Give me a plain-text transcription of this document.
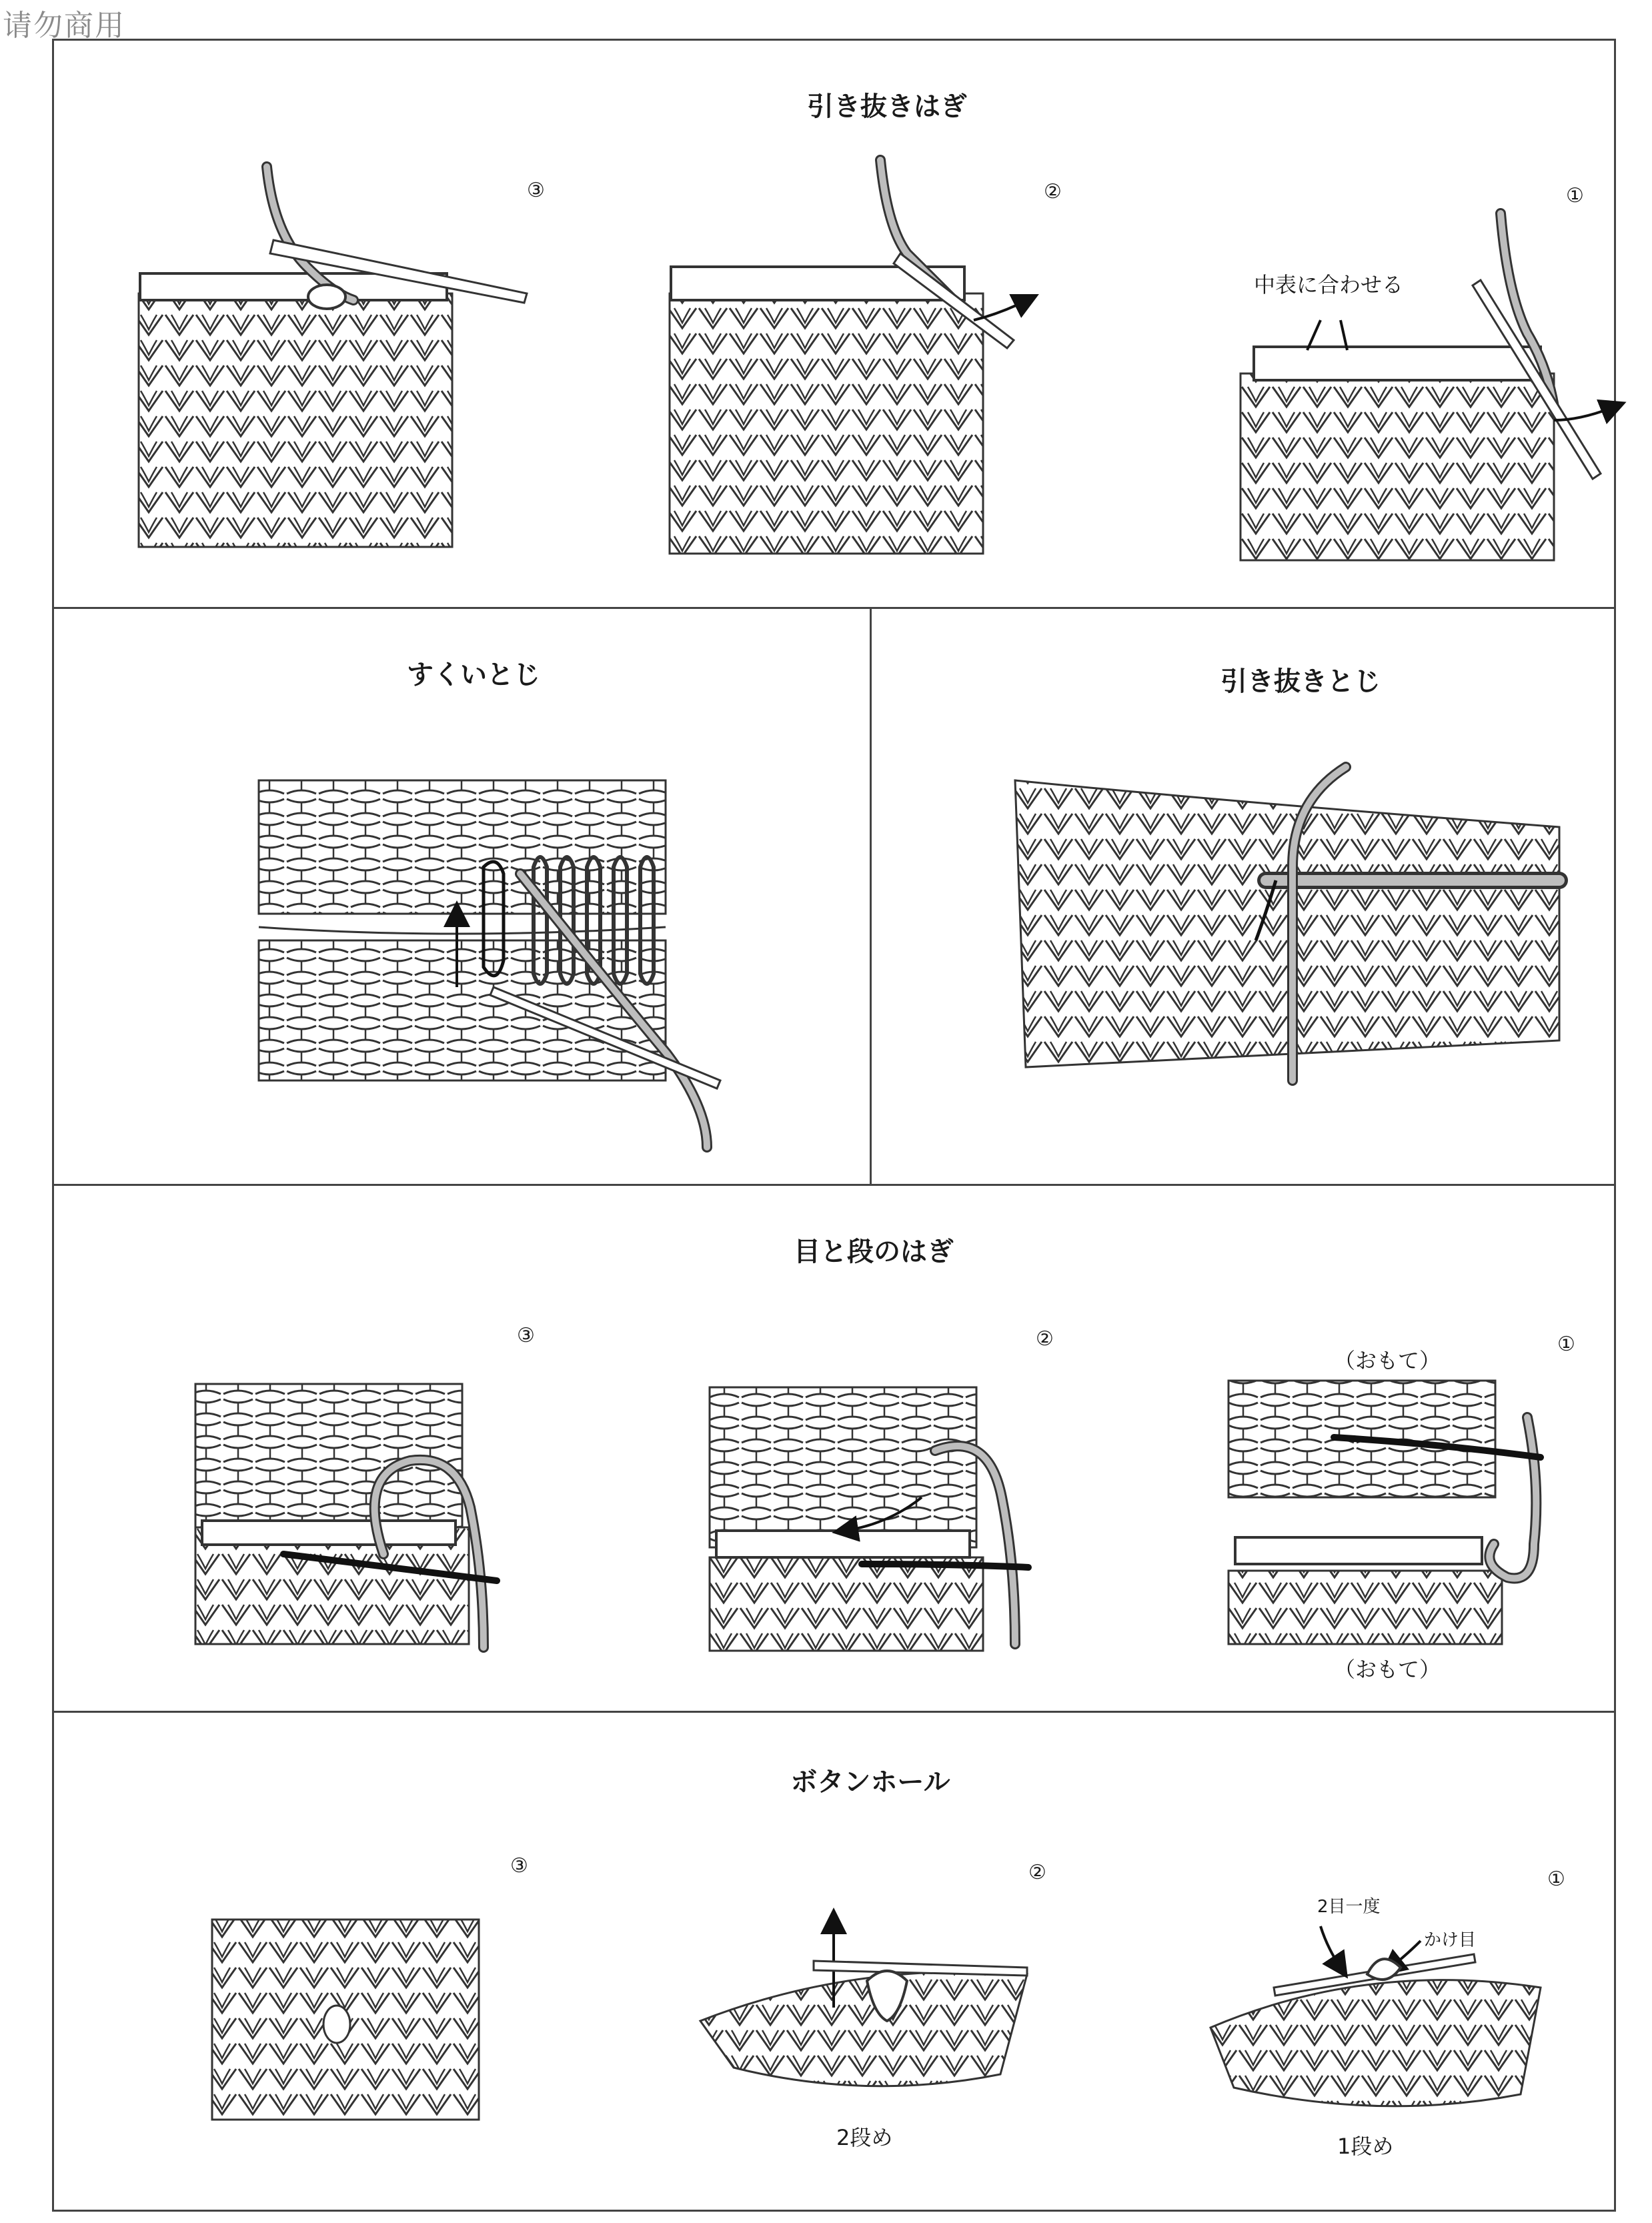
请勿商用
引き抜きはぎ
③	②	①
中表に合わせる
すくいとじ	引き抜きとじ
目と段のはぎ
③	②	①
（おもて）
（おもて）
ボタンホール
③	②	①
2段め	1段め
2目一度
かけ目
